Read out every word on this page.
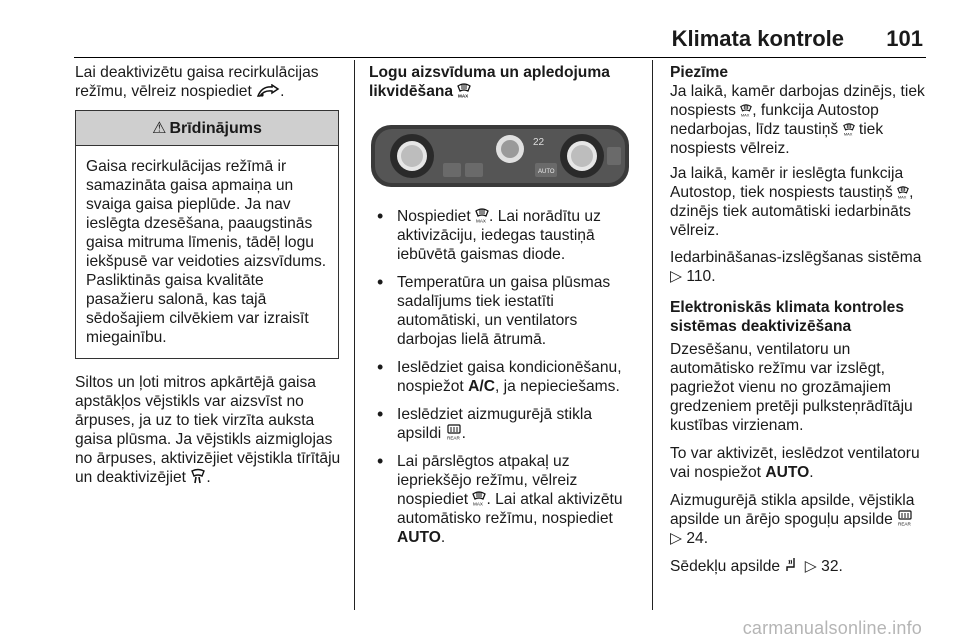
Klimata kontrole 101

Lai deaktivizētu gaisa recirkulācijas režīmu, vēlreiz nospiediet .

⚠ Brīdinājums
Gaisa recirkulācijas režīmā ir samazināta gaisa apmaiņa un svaiga gaisa pieplūde. Ja nav ieslēgta dzesēšana, paaugstinās gaisa mitruma līmenis, tādēļ logu iekšpusē var veidoties aizsvīdums. Pasliktinās gaisa kvalitāte pasažieru salonā, kas tajā sēdošajiem cilvēkiem var izraisīt miegainību.

Siltos un ļoti mitros apkārtējā gaisa apstākļos vējstikls var aizsvīst no ārpuses, ja uz to tiek virzīta auksta gaisa plūsma. Ja vējstikls aizmiglojas no ārpuses, aktivizējiet vējstikla tīrītāju un deaktivizējiet .

Logu aizsvīduma un apledojuma likvidēšana MAX
22
AUTO
• Nospiediet MAX . Lai norādītu uz aktivizāciju, iedegas taustiņā iebūvētā gaismas diode.
• Temperatūra un gaisa plūsmas sadalījums tiek iestatīti automātiski, un ventilators darbojas lielā ātrumā.
• Ieslēdziet gaisa kondicionēšanu, nospiežot A/C, ja nepieciešams.
• Ieslēdziet aizmugurējā stikla apsildi REAR .
• Lai pārslēgtos atpakaļ uz iepriekšējo režīmu, vēlreiz nospiediet MAX . Lai atkal aktivizētu automātisko režīmu, nospiediet AUTO.
Piezīme

Ja laikā, kamēr darbojas dzinējs, tiek nospiests MAX , funkcija Autostop nedarbojas, līdz taustiņš MAX tiek nospiests vēlreiz.

Ja laikā, kamēr ir ieslēgta funkcija Autostop, tiek nospiests taustiņš MAX , dzinējs tiek automātiski iedarbināts vēlreiz.

Iedarbināšanas-izslēgšanas sistēma
▷ 110.

Elektroniskās klimata kontroles sistēmas deaktivizēšana

Dzesēšanu, ventilatoru un automātisko režīmu var izslēgt, pagriežot vienu no grozāmajiem gredzeniem pretēji pulksteņrādītāju kustības virzienam.

To var aktivizēt, ieslēdzot ventilatoru vai nospiežot AUTO.

Aizmugurējā stikla apsilde, vējstikla apsilde un ārējo spoguļu apsilde REAR

▷ 24.

Sēdekļu apsilde ▷ 32.

carmanualsonline.info
